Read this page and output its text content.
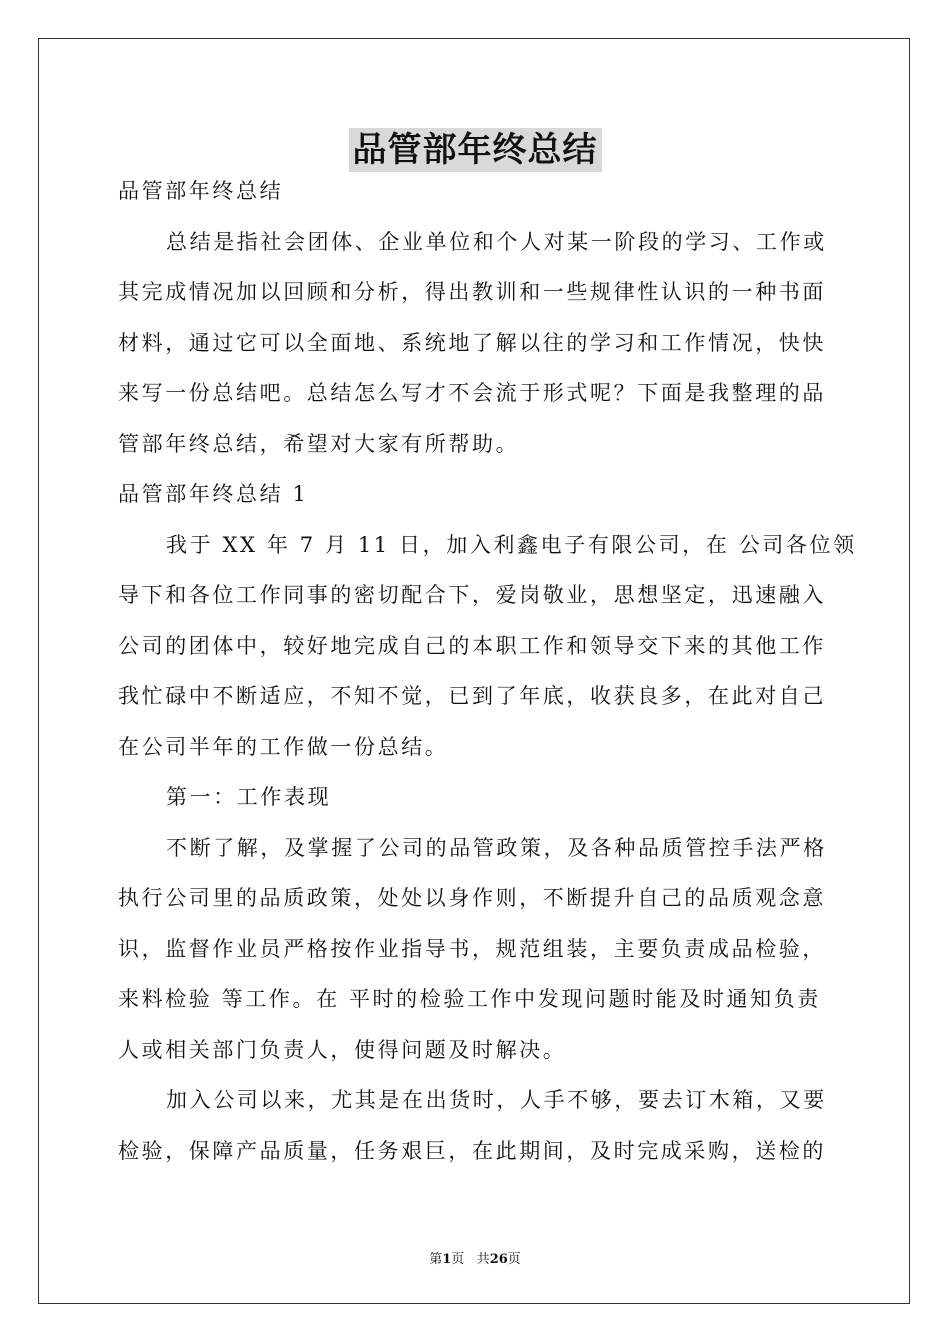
品管部年终总结

品管部年终总结

总结是指社会团体、企业单位和个人对某一阶段的学习、工作或

其完成情况加以回顾和分析，得出教训和一些规律性认识的一种书面

材料，通过它可以全面地、系统地了解以往的学习和工作情况，快快

来写一份总结吧。总结怎么写才不会流于形式呢？下面是我整理的品

管部年终总结，希望对大家有所帮助。

品管部年终总结 1

我于 XX 年 7 月 11 日，加入利鑫电子有限公司，在 公司各位领

导下和各位工作同事的密切配合下，爱岗敬业，思想坚定，迅速融入

公司的团体中，较好地完成自己的本职工作和领导交下来的其他工作

我忙碌中不断适应，不知不觉，已到了年底，收获良多，在此对自己

在公司半年的工作做一份总结。

第一：工作表现

不断了解，及掌握了公司的品管政策，及各种品质管控手法严格

执行公司里的品质政策，处处以身作则，不断提升自己的品质观念意

识，监督作业员严格按作业指导书，规范组装，主要负责成品检验，

来料检验 等工作。在 平时的检验工作中发现问题时能及时通知负责

人或相关部门负责人，使得问题及时解决。

加入公司以来，尤其是在出货时，人手不够，要去订木箱，又要

检验，保障产品质量，任务艰巨，在此期间，及时完成采购，送检的

第1页 共26页
